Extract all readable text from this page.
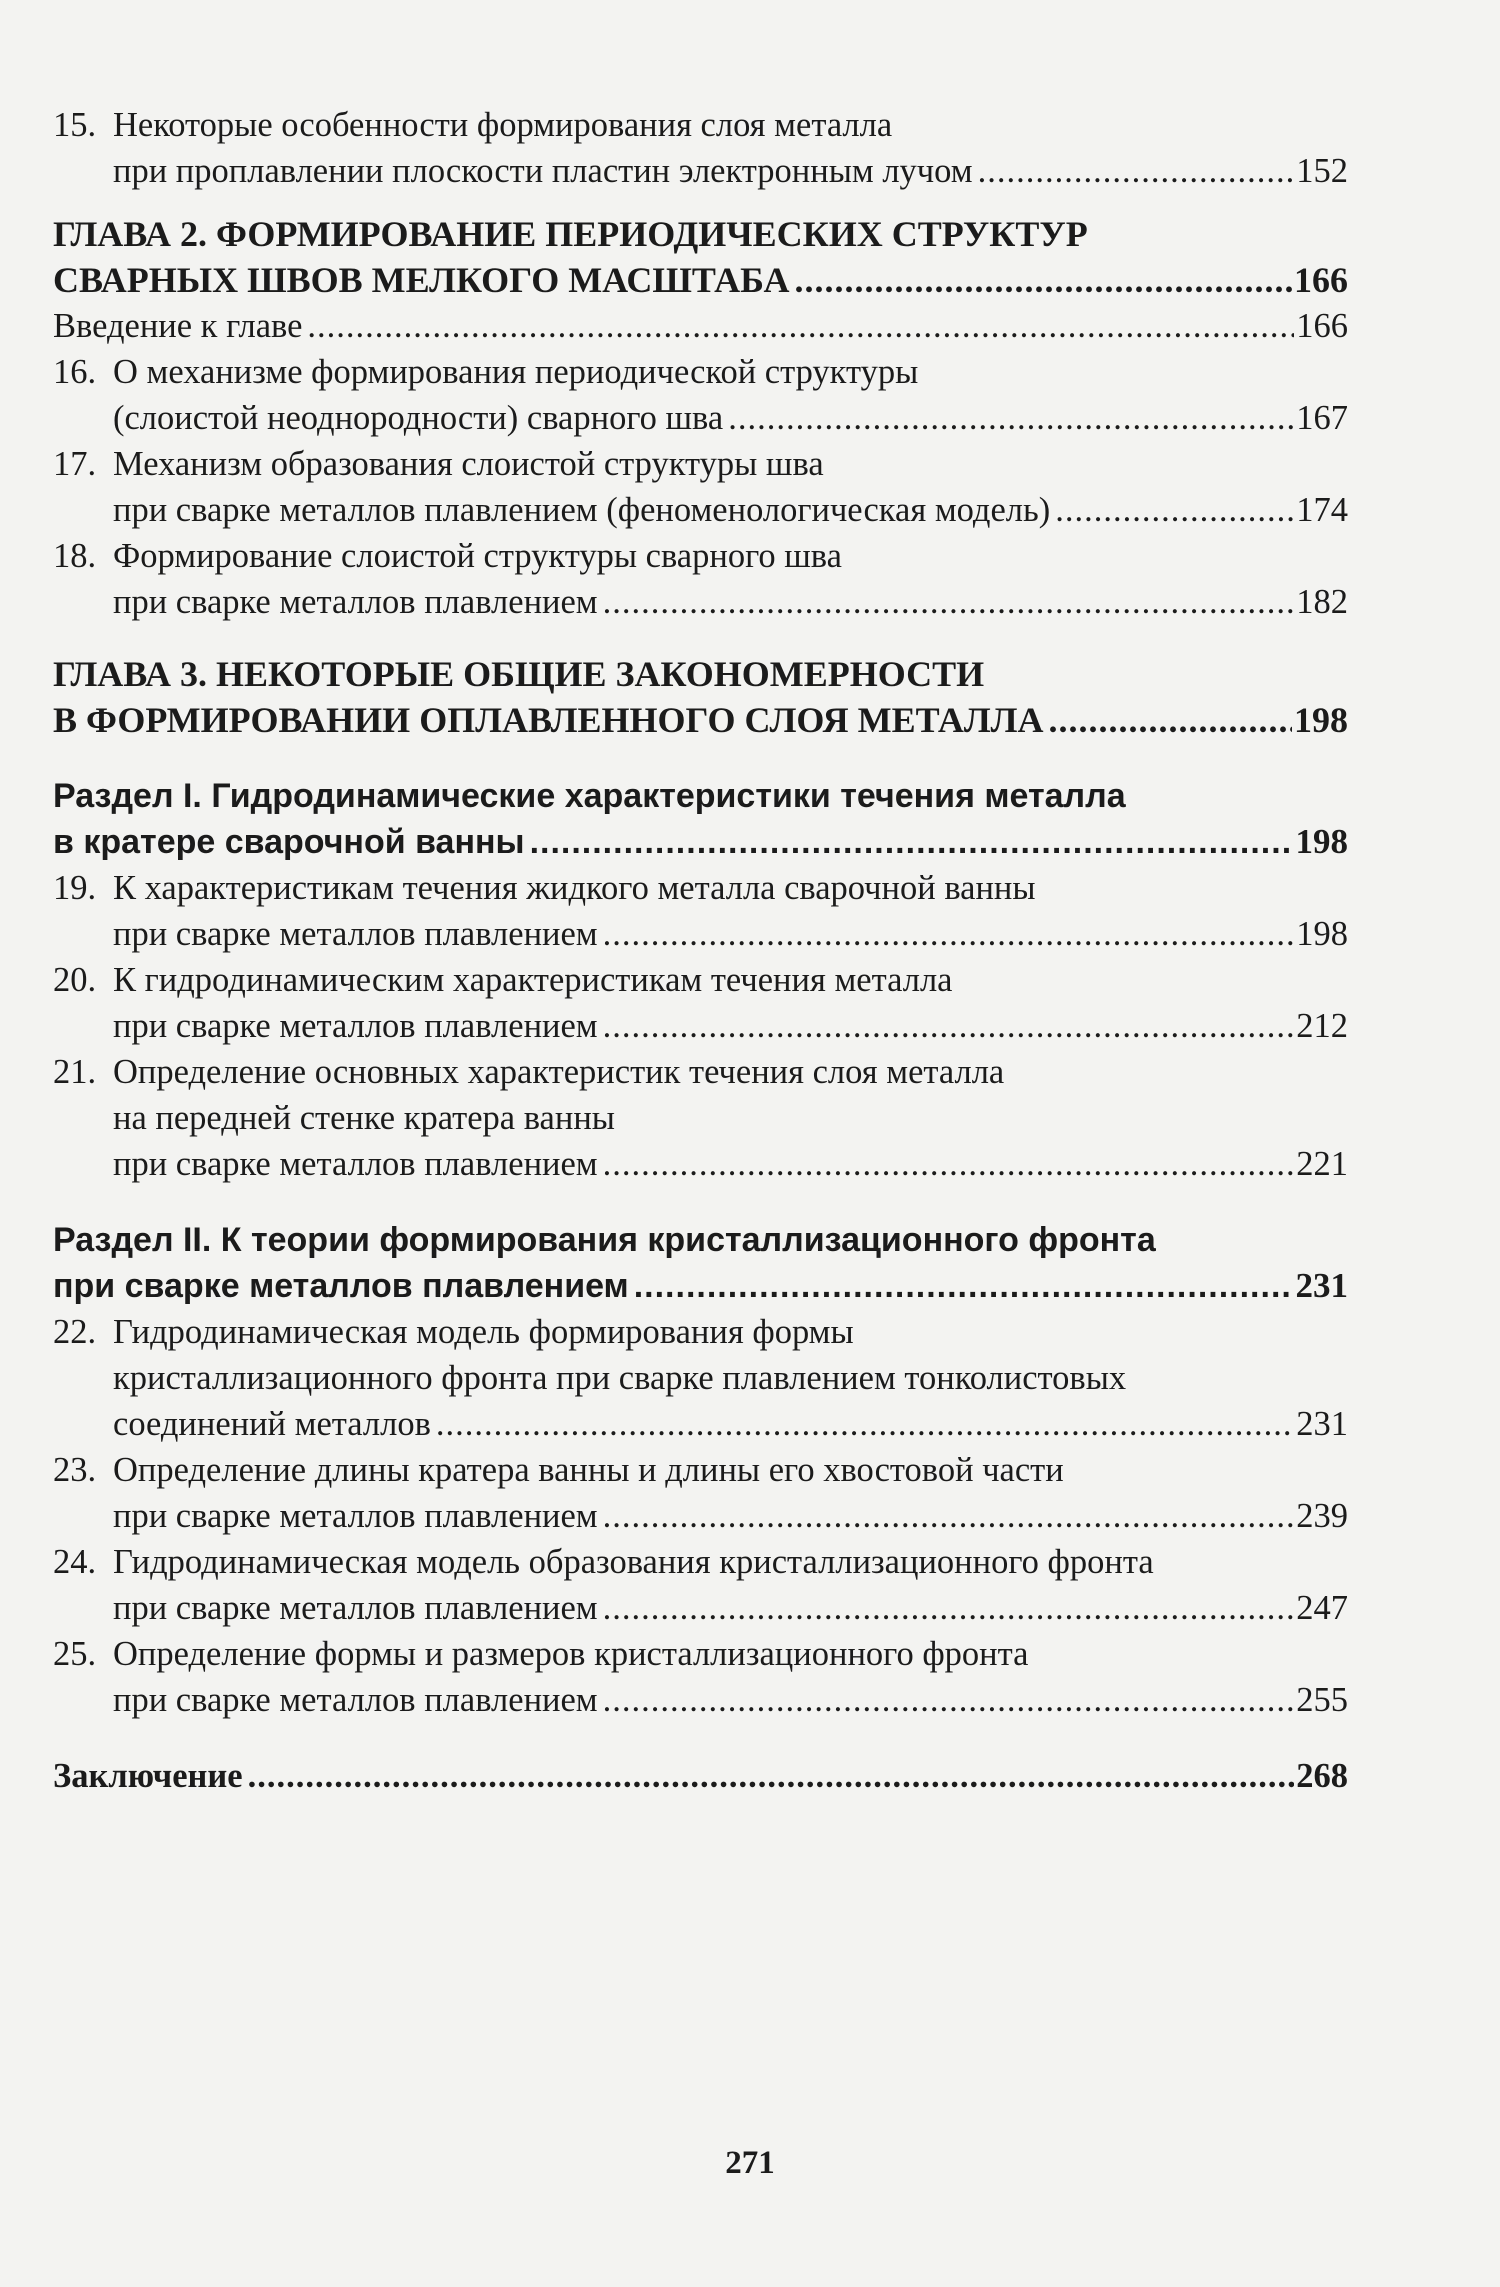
15. Некоторые особенности формирования слоя металла
при проплавлении плоскости пластин электронным лучом .....	152
ГЛАВА 2. ФОРМИРОВАНИЕ ПЕРИОДИЧЕСКИХ СТРУКТУР
СВАРНЫХ ШВОВ МЕЛКОГО МАСШТАБА .....	166
Введение к главе .....	166
16. О механизме формирования периодической структуры
(слоистой неоднородности) сварного шва .....	167
17. Механизм образования слоистой структуры шва
при сварке металлов плавлением (феноменологическая модель) .....	174
18. Формирование слоистой структуры сварного шва
при сварке металлов плавлением .....	182
ГЛАВА 3. НЕКОТОРЫЕ ОБЩИЕ ЗАКОНОМЕРНОСТИ
В ФОРМИРОВАНИИ ОПЛАВЛЕННОГО СЛОЯ МЕТАЛЛА .....	198
Раздел I. Гидродинамические характеристики течения металла
в кратере сварочной ванны .....	198
19. К характеристикам течения жидкого металла сварочной ванны
при сварке металлов плавлением .....	198
20. К гидродинамическим характеристикам течения металла
при сварке металлов плавлением .....	212
21. Определение основных характеристик течения слоя металла
на передней стенке кратера ванны
при сварке металлов плавлением .....	221
Раздел II. К теории формирования кристаллизационного фронта
при сварке металлов плавлением .....	231
22. Гидродинамическая модель формирования формы
кристаллизационного фронта при сварке плавлением тонколистовых
соединений металлов .....	231
23. Определение длины кратера ванны и длины его хвостовой части
при сварке металлов плавлением .....	239
24. Гидродинамическая модель образования кристаллизационного фронта
при сварке металлов плавлением .....	247
25. Определение формы и размеров кристаллизационного фронта
при сварке металлов плавлением .....	255
Заключение .....	268
271
